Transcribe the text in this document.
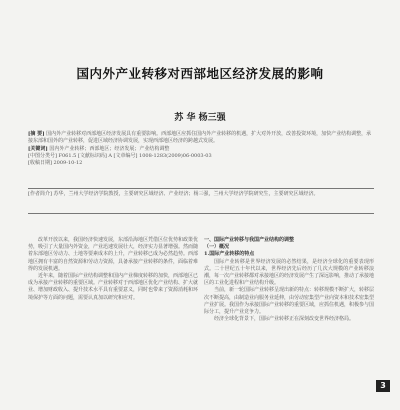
国内外产业转移对西部地区经济发展的影响
苏 华 杨三强

[摘 要] 国内外产业转移对西部地区经济发展具有重要影响。西部地区应抓住国内外产业转移的机遇，扩大对外开放，改善投资环境，加快产业结构调整，承接东部和国外的产业转移，促进区域经济协调发展，实现西部地区经济的跨越式发展。

[关键词] 国内外产业转移；西部地区；经济发展；产业结构调整

[中图分类号] F061.5 [文献标识码] A [文章编号] 1008-1283(2009)06-0003-03

[收稿日期] 2009-10-12

[作者简介] 苏华，兰州大学经济学院教授，主要研究区域经济、产业经济；杨三强，兰州大学经济学院研究生，主要研究区域经济。

改革开放以来，我国经济快速发展，东部沿海地区凭借区位优势和政策优势，吸引了大量国内外资金，产业迅速发展壮大，经济实力显著增强。然而随着东部地区劳动力、土地等要素成本的上升，产业转移已成为必然趋势。西部地区拥有丰富的自然资源和劳动力资源，具备承接产业转移的条件，面临着难得的发展机遇。

近年来，随着国际产业结构调整和国内产业梯度转移的加快，西部地区已成为承接产业转移的重要区域。产业转移对于西部地区优化产业结构、扩大就业、增加财政收入、提升技术水平具有重要意义，同时也带来了资源消耗和环境保护等方面的问题，需要认真加以研究和应对。

一、国际产业转移与我国产业结构的调整

（一）概况

1.国际产业转移的特点

国际产业转移是世界经济发展的必然结果，是经济全球化的重要表现形式。二十世纪五十年代以来，世界经济先后经历了几次大规模的产业转移浪潮，每一次产业转移都对承接地区的经济发展产生了深远影响，推动了承接地区的工业化进程和产业结构升级。

当前，新一轮国际产业转移呈现出新的特点：转移规模不断扩大，转移层次不断提高，由制造业向服务业延伸，由劳动密集型产业向资本和技术密集型产业扩展。我国作为承接国际产业转移的重要区域，应抓住机遇，积极参与国际分工，提升产业竞争力。

经济全球化背景下，国际产业转移正在深刻改变世界经济格局。

3
